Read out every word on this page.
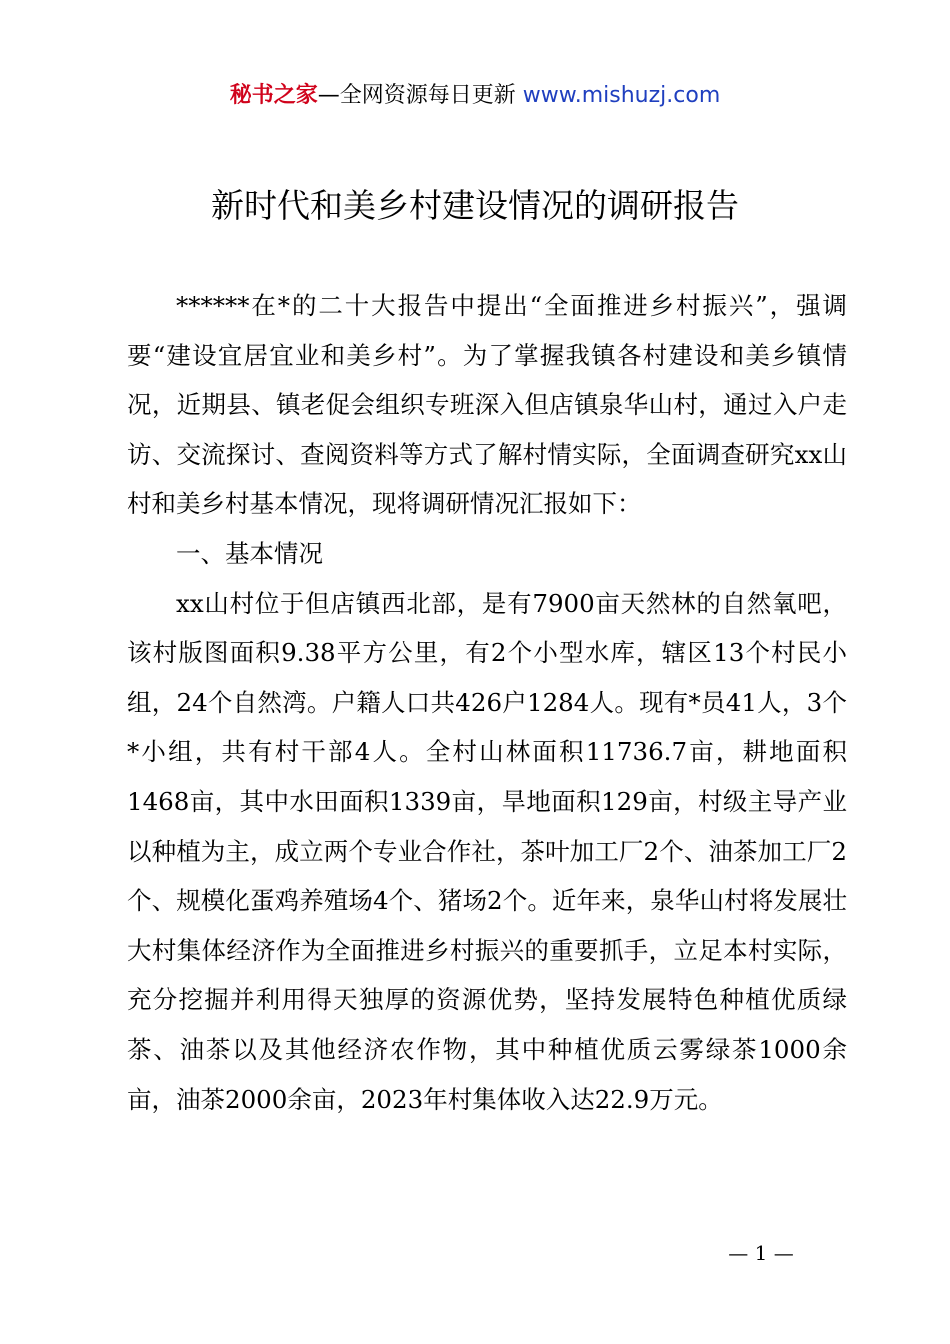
秘书之家—全网资源每日更新 www.mishuzj.com
新时代和美乡村建设情况的调研报告

******在*的二十大报告中提出“全面推进乡村振兴”，强调要“建设宜居宜业和美乡村”。为了掌握我镇各村建设和美乡镇情况，近期县、镇老促会组织专班深入但店镇泉华山村，通过入户走访、交流探讨、查阅资料等方式了解村情实际，全面调查研究xx山村和美乡村基本情况，现将调研情况汇报如下：

一、基本情况

xx山村位于但店镇西北部，是有7900亩天然林的自然氧吧，该村版图面积9.38平方公里，有2个小型水库，辖区13个村民小组，24个自然湾。户籍人口共426户1284人。现有*员41人，3个*小组，共有村干部4人。全村山林面积11736.7亩，耕地面积1468亩，其中水田面积1339亩，旱地面积129亩，村级主导产业以种植为主，成立两个专业合作社，茶叶加工厂2个、油茶加工厂2个、规模化蛋鸡养殖场4个、猪场2个。近年来，泉华山村将发展壮大村集体经济作为全面推进乡村振兴的重要抓手，立足本村实际，充分挖掘并利用得天独厚的资源优势，坚持发展特色种植优质绿茶、油茶以及其他经济农作物，其中种植优质云雾绿茶1000余亩，油茶2000余亩，2023年村集体收入达22.9万元。

— 1 —
